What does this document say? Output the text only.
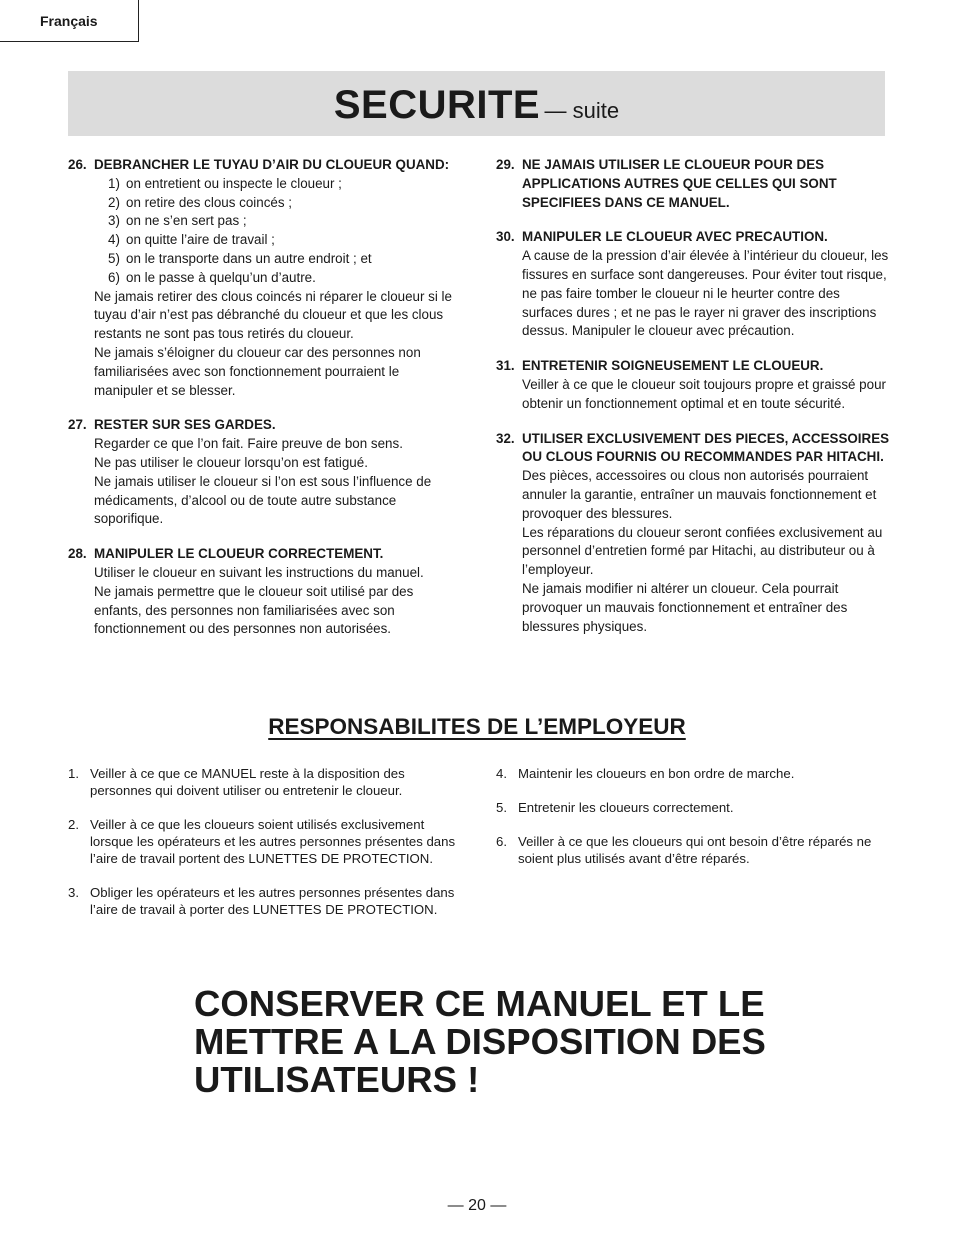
Français
SECURITE — suite
26. DEBRANCHER LE TUYAU D’AIR DU CLOUEUR QUAND:
1) on entretient ou inspecte le cloueur ;
2) on retire des clous coincés ;
3) on ne s’en sert pas ;
4) on quitte l’aire de travail ;
5) on le transporte dans un autre endroit ; et
6) on le passe à quelqu’un d’autre.
Ne jamais retirer des clous coincés ni réparer le cloueur si le tuyau d’air n’est pas débranché du cloueur et que les clous restants ne sont pas tous retirés du cloueur.
Ne jamais s’éloigner du cloueur car des personnes non familiarisées avec son fonctionnement pourraient le manipuler et se blesser.
27. RESTER SUR SES GARDES.
Regarder ce que l’on fait. Faire preuve de bon sens.
Ne pas utiliser le cloueur lorsqu’on est fatigué.
Ne jamais utiliser le cloueur si l’on est sous l’influence de médicaments, d’alcool ou de toute autre substance soporifique.
28. MANIPULER LE CLOUEUR CORRECTEMENT.
Utiliser le cloueur en suivant les instructions du manuel.
Ne jamais permettre que le cloueur soit utilisé par des enfants, des personnes non familiarisées avec son fonctionnement ou des personnes non autorisées.
29. NE JAMAIS UTILISER LE CLOUEUR POUR DES APPLICATIONS AUTRES QUE CELLES QUI SONT SPECIFIEES DANS CE MANUEL.
30. MANIPULER LE CLOUEUR AVEC PRECAUTION.
A cause de la pression d’air élevée à l’intérieur du cloueur, les fissures en surface sont dangereuses. Pour éviter tout risque, ne pas faire tomber le cloueur ni le heurter contre des surfaces dures ; et ne pas le rayer ni graver des inscriptions dessus. Manipuler le cloueur avec précaution.
31. ENTRETENIR SOIGNEUSEMENT LE CLOUEUR.
Veiller à ce que le cloueur soit toujours propre et graissé pour obtenir un fonctionnement optimal et en toute sécurité.
32. UTILISER EXCLUSIVEMENT DES PIECES, ACCESSOIRES OU CLOUS FOURNIS OU RECOMMANDES PAR HITACHI.
Des pièces, accessoires ou clous non autorisés pourraient annuler la garantie, entraîner un mauvais fonctionnement et provoquer des blessures.
Les réparations du cloueur seront confiées exclusivement au personnel d’entretien formé par Hitachi, au distributeur ou à l’employeur.
Ne jamais modifier ni altérer un cloueur. Cela pourrait provoquer un mauvais fonctionnement et entraîner des blessures physiques.
RESPONSABILITES DE L’EMPLOYEUR
1. Veiller à ce que ce MANUEL reste à la disposition des personnes qui doivent utiliser ou entretenir le cloueur.
2. Veiller à ce que les cloueurs soient utilisés exclusivement lorsque les opérateurs et les autres personnes présentes dans l’aire de travail portent des LUNETTES DE PROTECTION.
3. Obliger les opérateurs et les autres personnes présentes dans l’aire de travail à porter des LUNETTES DE PROTECTION.
4. Maintenir les cloueurs en bon ordre de marche.
5. Entretenir les cloueurs correctement.
6. Veiller à ce que les cloueurs qui ont besoin d’être réparés ne soient plus utilisés avant d’être réparés.
CONSERVER CE MANUEL ET LE
METTRE A LA DISPOSITION DES
UTILISATEURS !
— 20 —
